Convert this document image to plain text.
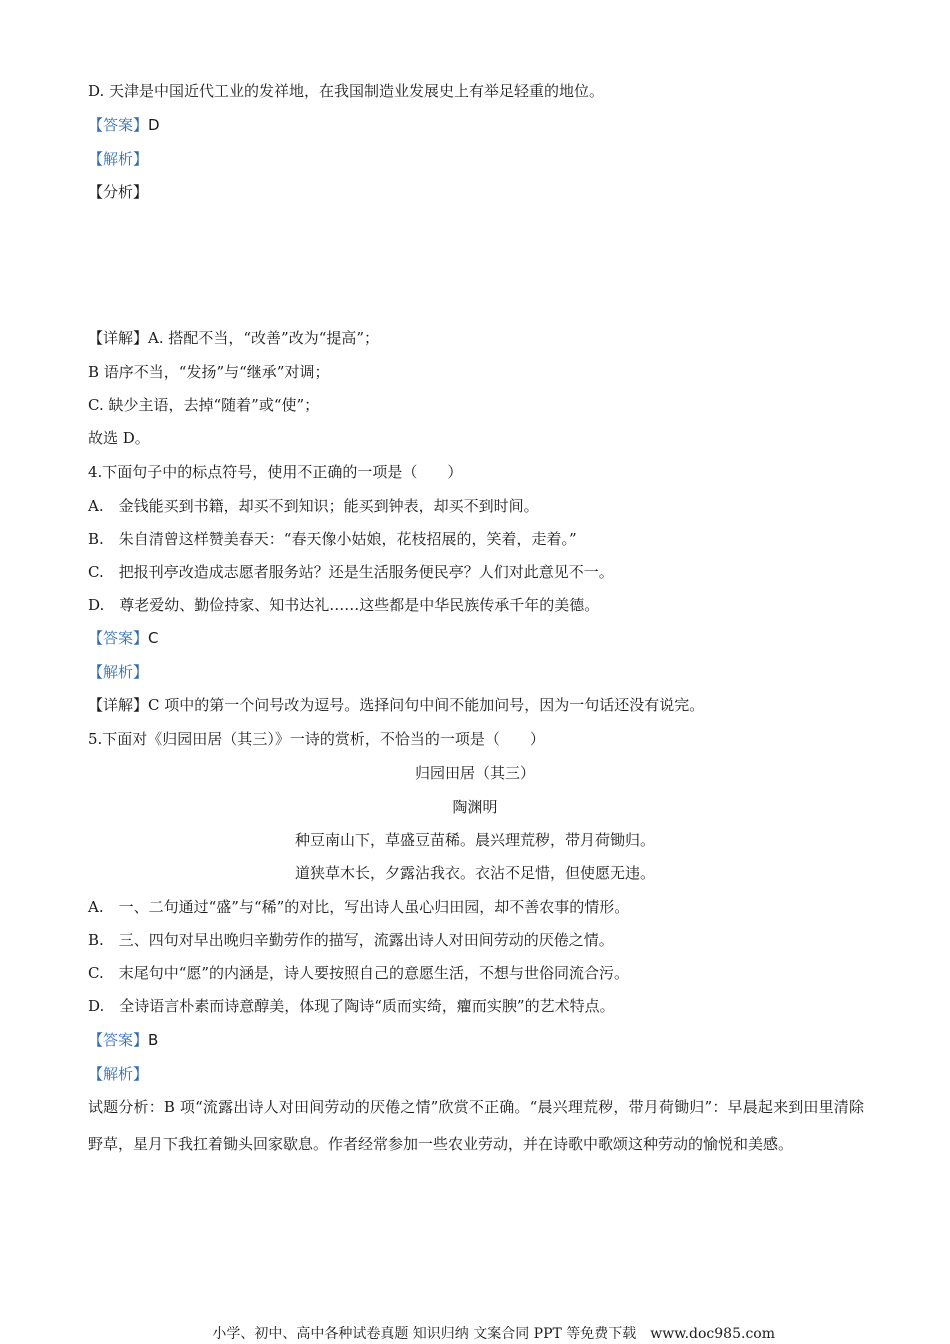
D. 天津是中国近代工业的发祥地，在我国制造业发展史上有举足轻重的地位。
【答案】D
【解析】
【分析】
【详解】A. 搭配不当，“改善”改为“提高”；
B 语序不当，“发扬”与“继承”对调；
C. 缺少主语，去掉“随着”或“使”；
故选 D。
4.下面句子中的标点符号，使用不正确的一项是（　　）
A.　金钱能买到书籍，却买不到知识；能买到钟表，却买不到时间。
B.　朱自清曾这样赞美春天：“春天像小姑娘，花枝招展的，笑着，走着。”
C.　把报刊亭改造成志愿者服务站？还是生活服务便民亭？人们对此意见不一。
D.　尊老爱幼、勤俭持家、知书达礼……这些都是中华民族传承千年的美德。
【答案】C
【解析】
【详解】C 项中的第一个问号改为逗号。选择问句中间不能加问号，因为一句话还没有说完。
5.下面对《归园田居（其三）》一诗的赏析，不恰当的一项是（　　）
归园田居（其三）
陶渊明
种豆南山下，草盛豆苗稀。晨兴理荒秽，带月荷锄归。
道狭草木长，夕露沾我衣。衣沾不足惜，但使愿无违。
A.　一、二句通过“盛”与“稀”的对比，写出诗人虽心归田园，却不善农事的情形。
B.　三、四句对早出晚归辛勤劳作的描写，流露出诗人对田间劳动的厌倦之情。
C.　末尾句中“愿”的内涵是，诗人要按照自己的意愿生活，不想与世俗同流合污。
D.　全诗语言朴素而诗意醇美，体现了陶诗“质而实绮，癯而实腴”的艺术特点。
【答案】B
【解析】
试题分析：B 项“流露出诗人对田间劳动的厌倦之情”欣赏不正确。“晨兴理荒秽，带月荷锄归”：早晨起来到田里清除野草，星月下我扛着锄头回家歇息。作者经常参加一些农业劳动，并在诗歌中歌颂这种劳动的愉悦和美感。
小学、初中、高中各种试卷真题 知识归纳 文案合同 PPT 等免费下载　www.doc985.com
